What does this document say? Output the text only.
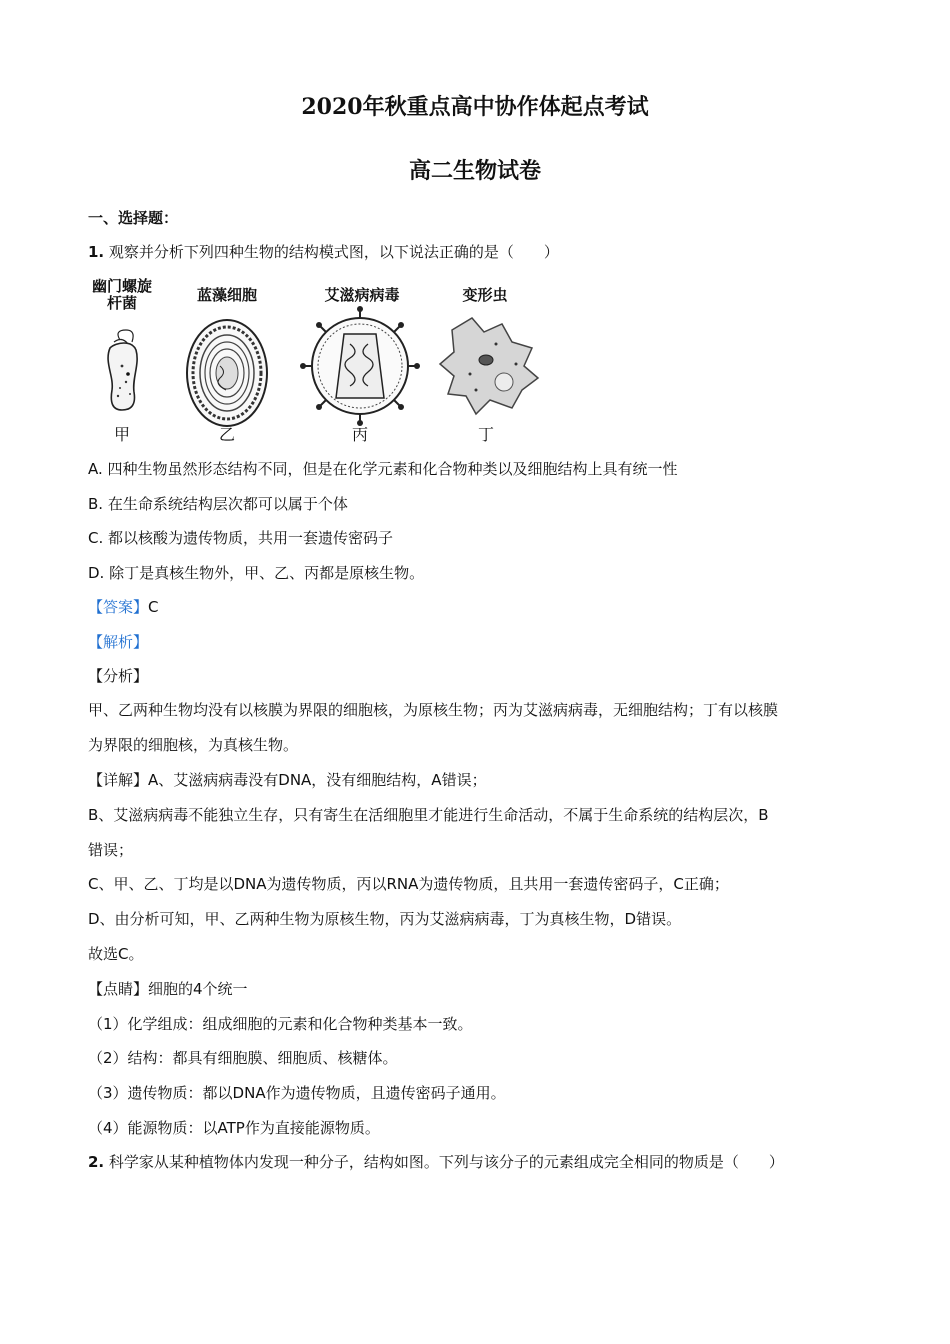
2020年秋重点高中协作体起点考试
高二生物试卷
一、选择题：
1. 观察并分析下列四种生物的结构模式图，以下说法正确的是（　　）
幽门螺旋杆菌	蓝藻细胞	艾滋病病毒	变形虫
甲	乙	丙	丁
A. 四种生物虽然形态结构不同，但是在化学元素和化合物种类以及细胞结构上具有统一性
B. 在生命系统结构层次都可以属于个体
C. 都以核酸为遗传物质，共用一套遗传密码子
D. 除丁是真核生物外，甲、乙、丙都是原核生物。
【答案】C
【解析】
【分析】
甲、乙两种生物均没有以核膜为界限的细胞核，为原核生物；丙为艾滋病病毒，无细胞结构；丁有以核膜
为界限的细胞核，为真核生物。
【详解】A、艾滋病病毒没有DNA，没有细胞结构，A错误；
B、艾滋病病毒不能独立生存，只有寄生在活细胞里才能进行生命活动，不属于生命系统的结构层次，B
错误；
C、甲、乙、丁均是以DNA为遗传物质，丙以RNA为遗传物质，且共用一套遗传密码子，C正确；
D、由分析可知，甲、乙两种生物为原核生物，丙为艾滋病病毒，丁为真核生物，D错误。
故选C。
【点睛】细胞的4个统一
（1）化学组成：组成细胞的元素和化合物种类基本一致。
（2）结构：都具有细胞膜、细胞质、核糖体。
（3）遗传物质：都以DNA作为遗传物质，且遗传密码子通用。
（4）能源物质：以ATP作为直接能源物质。
2. 科学家从某种植物体内发现一种分子，结构如图。下列与该分子的元素组成完全相同的物质是（　　）
